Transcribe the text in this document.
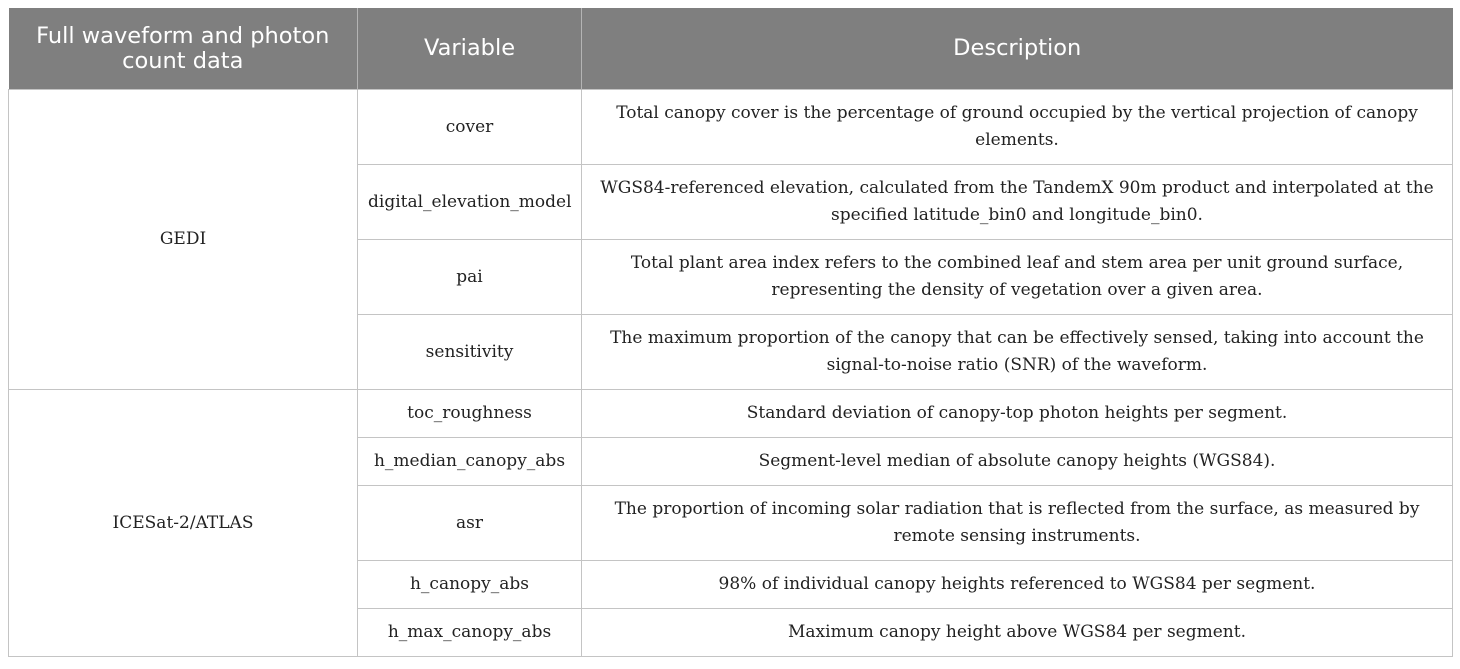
Full waveform and photon count data	Variable	Description
GEDI	cover	Total canopy cover is the percentage of ground occupied by the vertical projection of canopy elements.
	digital_elevation_model	WGS84-referenced elevation, calculated from the TandemX 90m product and interpolated at the specified latitude_bin0 and longitude_bin0.
	pai	Total plant area index refers to the combined leaf and stem area per unit ground surface, representing the density of vegetation over a given area.
	sensitivity	The maximum proportion of the canopy that can be effectively sensed, taking into account the signal-to-noise ratio (SNR) of the waveform.
ICESat-2/ATLAS	toc_roughness	Standard deviation of canopy-top photon heights per segment.
	h_median_canopy_abs	Segment-level median of absolute canopy heights (WGS84).
	asr	The proportion of incoming solar radiation that is reflected from the surface, as measured by remote sensing instruments.
	h_canopy_abs	98% of individual canopy heights referenced to WGS84 per segment.
	h_max_canopy_abs	Maximum canopy height above WGS84 per segment.
